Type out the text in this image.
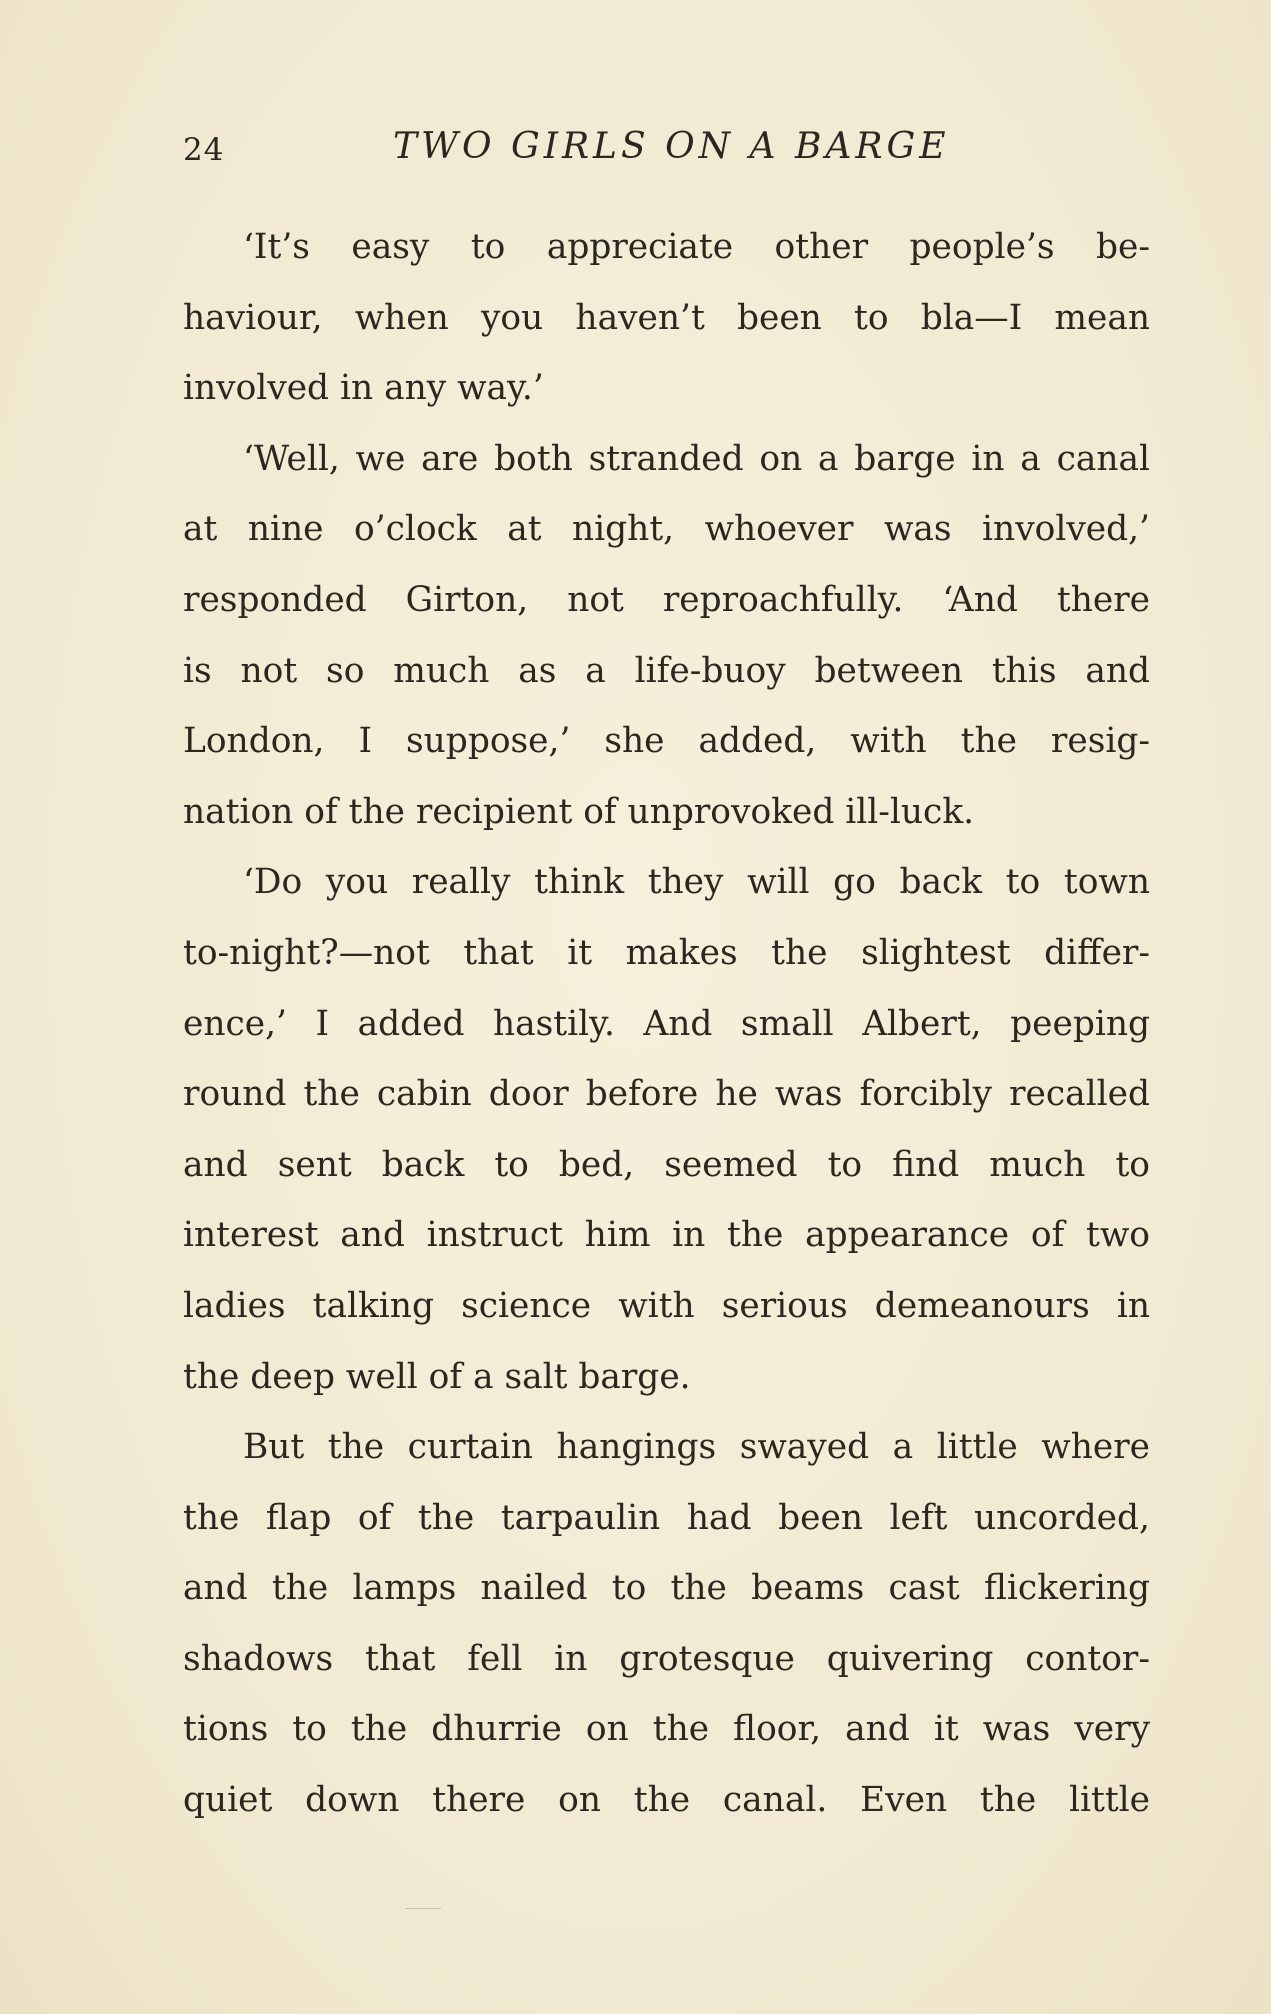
24	TWO GIRLS ON A BARGE
‘It’s easy to appreciate other people’s be-
haviour, when you haven’t been to bla—I mean
involved in any way.’
‘Well, we are both stranded on a barge in a canal
at nine o’clock at night, whoever was involved,’
responded Girton, not reproachfully. ‘And there
is not so much as a life-buoy between this and
London, I suppose,’ she added, with the resig-
nation of the recipient of unprovoked ill-luck.
‘Do you really think they will go back to town
to-night?—not that it makes the slightest differ-
ence,’ I added hastily. And small Albert, peeping
round the cabin door before he was forcibly recalled
and sent back to bed, seemed to find much to
interest and instruct him in the appearance of two
ladies talking science with serious demeanours in
the deep well of a salt barge.
But the curtain hangings swayed a little where
the flap of the tarpaulin had been left uncorded,
and the lamps nailed to the beams cast flickering
shadows that fell in grotesque quivering contor-
tions to the dhurrie on the floor, and it was very
quiet down there on the canal. Even the little
